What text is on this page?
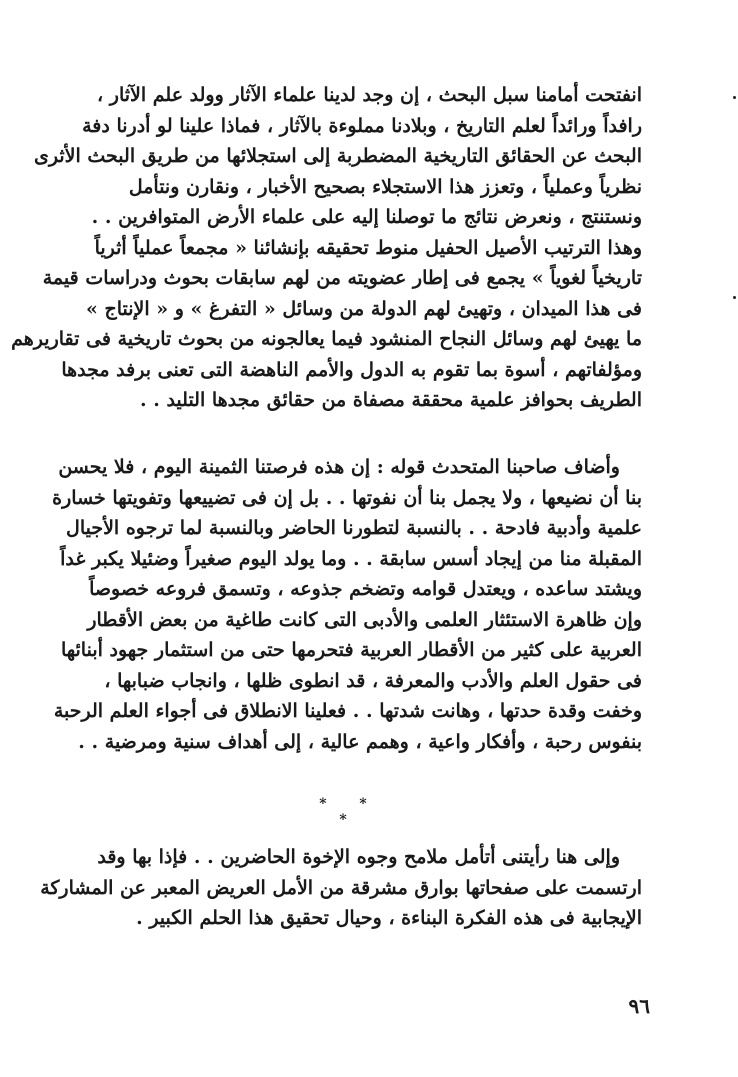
انفتحت أمامنا سبل البحث ، إن وجد لدينا علماء الآثار وولد علم الآثار ،
رافداً ورائداً لعلم التاريخ ، وبلادنا مملوءة بالآثار ، فماذا علينا لو أدرنا دفة
البحث عن الحقائق التاريخية المضطربة إلى استجلائها من طريق البحث الأثرى
نظرياً وعملياً ، وتعزز هذا الاستجلاء بصحيح الأخبار ، ونقارن ونتأمل
ونستنتج ، ونعرض نتائج ما توصلنا إليه على علماء الأرض المتوافرين . .
وهذا الترتيب الأصيل الحفيل منوط تحقيقه بإنشائنا « مجمعاً عملياً أثرياً
تاريخياً لغوياً » يجمع فى إطار عضويته من لهم سابقات بحوث ودراسات قيمة
فى هذا الميدان ، وتهيئ لهم الدولة من وسائل « التفرغ » و « الإنتاج »
ما يهيئ لهم وسائل النجاح المنشود فيما يعالجونه من بحوث تاريخية فى تقاريرهم
ومؤلفاتهم ، أسوة بما تقوم به الدول والأمم الناهضة التى تعنى برفد مجدها
الطريف بحوافز علمية محققة مصفاة من حقائق مجدها التليد . .
وأضاف صاحبنا المتحدث قوله : إن هذه فرصتنا الثمينة اليوم ، فلا يحسن
بنا أن نضيعها ، ولا يجمل بنا أن نفوتها . . بل إن فى تضييعها وتفويتها خسارة
علمية وأدبية فادحة . . بالنسبة لتطورنا الحاضر وبالنسبة لما ترجوه الأجيال
المقبلة منا من إيجاد أسس سابقة . . وما يولد اليوم صغيراً وضئيلا يكبر غداً
ويشتد ساعده ، ويعتدل قوامه وتضخم جذوعه ، وتسمق فروعه خصوصاً
وإن ظاهرة الاستئثار العلمى والأدبى التى كانت طاغية من بعض الأقطار
العربية على كثير من الأقطار العربية فتحرمها حتى من استثمار جهود أبنائها
فى حقول العلم والأدب والمعرفة ، قد انطوى ظلها ، وانجاب ضبابها ،
وخفت وقدة حدتها ، وهانت شدتها . . فعلينا الانطلاق فى أجواء العلم الرحبة
بنفوس رحبة ، وأفكار واعية ، وهمم عالية ، إلى أهداف سنية ومرضية . .
* * *
وإلى هنا رأيتنى أتأمل ملامح وجوه الإخوة الحاضرين . . فإذا بها وقد
ارتسمت على صفحاتها بوارق مشرقة من الأمل العريض المعبر عن المشاركة
الإيجابية فى هذه الفكرة البناءة ، وحيال تحقيق هذا الحلم الكبير .
٩٦
